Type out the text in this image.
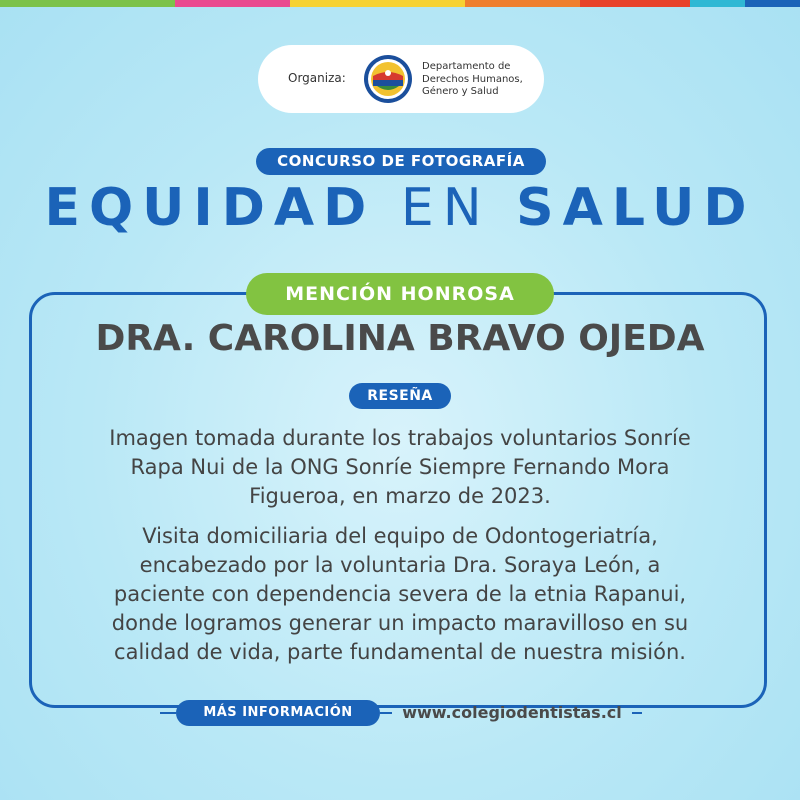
Organiza:
Departamento de
Derechos Humanos,
Género y Salud
CONCURSO DE FOTOGRAFÍA
EQUIDAD EN SALUD
MENCIÓN HONROSA
DRA. CAROLINA BRAVO OJEDA
RESEÑA
Imagen tomada durante los trabajos voluntarios Sonríe
Rapa Nui de la ONG Sonríe Siempre Fernando Mora
Figueroa, en marzo de 2023.
Visita domiciliaria del equipo de Odontogeriatría,
encabezado por la voluntaria Dra. Soraya León, a
paciente con dependencia severa de la etnia Rapanui,
donde logramos generar un impacto maravilloso en su
calidad de vida, parte fundamental de nuestra misión.
MÁS INFORMACIÓN	www.colegiodentistas.cl
